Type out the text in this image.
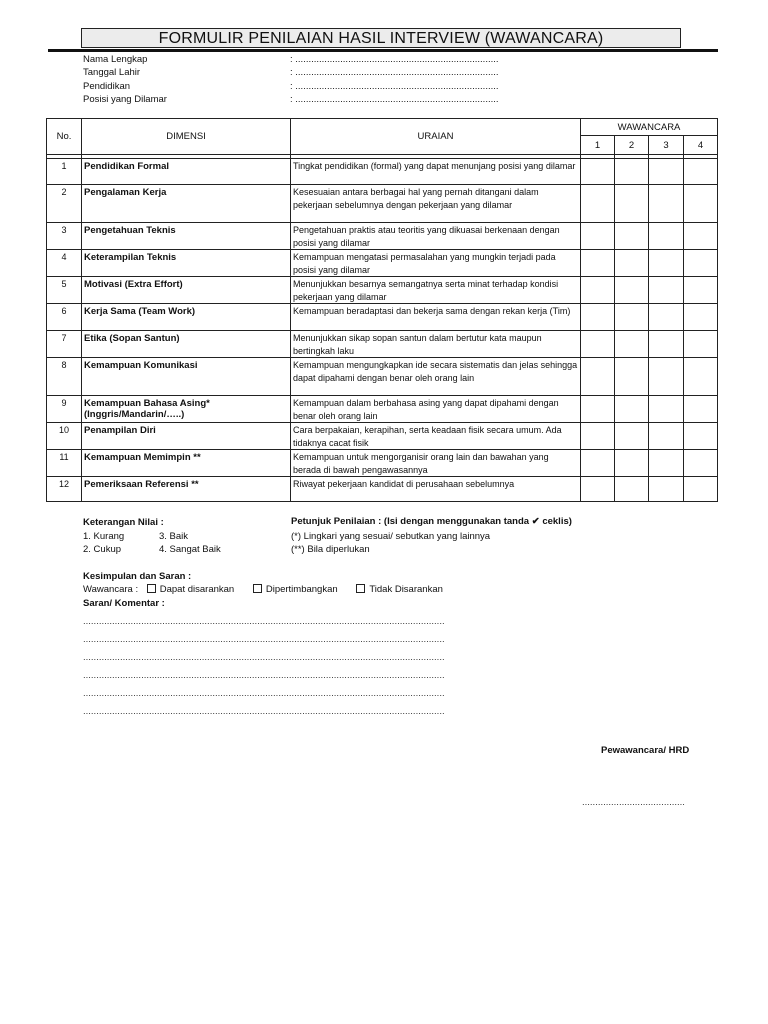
FORMULIR PENILAIAN HASIL INTERVIEW (WAWANCARA)
Nama Lengkap	: .............................................................................
Tanggal Lahir	: .............................................................................
Pendidikan	: .............................................................................
Posisi yang Dilamar	: .............................................................................
No.	DIMENSI	URAIAN	WAWANCARA			
			1	2	3	4

1	Pendidikan Formal	Tingkat pendidikan (formal) yang dapat menunjang posisi yang dilamar				
2	Pengalaman Kerja	Kesesuaian antara berbagai hal yang pernah ditangani dalam pekerjaan sebelumnya dengan pekerjaan yang dilamar				
3	Pengetahuan Teknis	Pengetahuan praktis atau teoritis yang dikuasai berkenaan dengan posisi yang dilamar				
4	Keterampilan Teknis	Kemampuan mengatasi permasalahan yang mungkin terjadi pada posisi yang dilamar				
5	Motivasi (Extra Effort)	Menunjukkan besarnya semangatnya serta minat terhadap kondisi pekerjaan yang dilamar				
6	Kerja Sama (Team Work)	Kemampuan beradaptasi dan bekerja sama dengan rekan kerja (Tim)				
7	Etika (Sopan Santun)	Menunjukkan sikap sopan santun dalam bertutur kata maupun bertingkah laku				
8	Kemampuan Komunikasi	Kemampuan mengungkapkan ide secara sistematis dan jelas sehingga dapat dipahami dengan benar oleh orang lain				
9	Kemampuan Bahasa Asing* (Inggris/Mandarin/…..)	Kemampuan dalam berbahasa asing yang dapat dipahami dengan benar oleh orang lain				
10	Penampilan Diri	Cara berpakaian, kerapihan, serta keadaan fisik secara umum. Ada tidaknya cacat fisik				
11	Kemampuan Memimpin **	Kemampuan untuk mengorganisir orang lain dan bawahan yang berada di bawah pengawasannya				
12	Pemeriksaan Referensi **	Riwayat pekerjaan kandidat di perusahaan sebelumnya				
Keterangan Nilai :
1. Kurang	3. Baik
2. Cukup	4. Sangat Baik
Petunjuk Penilaian : (Isi dengan menggunakan tanda ✔ ceklis)
(*) Lingkari yang sesuai/ sebutkan yang lainnya
(**) Bila diperlukan
Kesimpulan dan Saran :
Wawancara : Dapat disarankan	Dipertimbangkan	Tidak Disarankan
Saran/ Komentar :
.........................................................................................................................................
.........................................................................................................................................
.........................................................................................................................................
.........................................................................................................................................
.........................................................................................................................................
.........................................................................................................................................
Pewawancara/ HRD
.......................................
